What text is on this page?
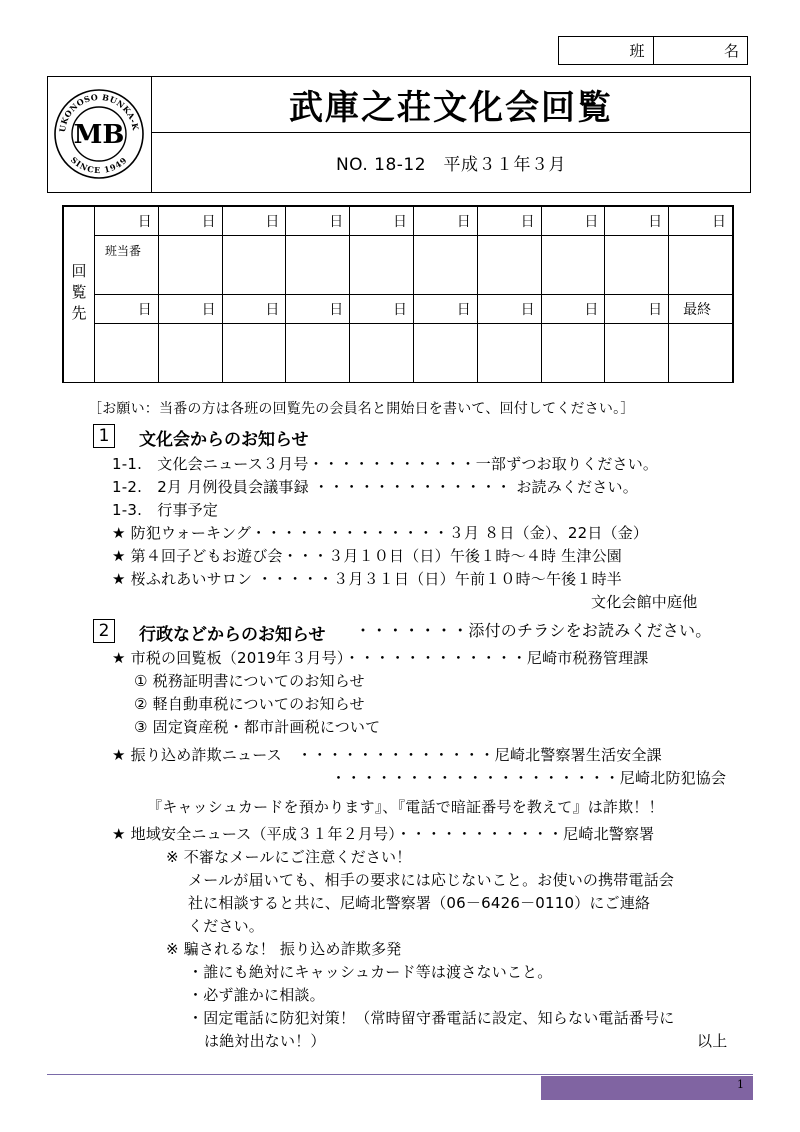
班	名
UKONOSO BUNKA-K
SINCE 1949
MB
武庫之荘文化会回覧
NO. 18-12　平成３１年３月
回覧先	日	日	日	日	日	日	日	日	日	日

	班当番									

	日	日	日	日	日	日	日	日	日	最終

［お願い：当番の方は各班の回覧先の会員名と開始日を書いて、回付してください。］
1	文化会からのお知らせ
1-1.　文化会ニュース３月号・・・・・・・・・・・一部ずつお取りください。
1-2.　2月 月例役員会議事録 ・・・・・・・・・・・・・ お読みください。
1-3.　行事予定
★ 防犯ウォーキング・・・・・・・・・・・・・３月 ８日（金）、22日（金）
★ 第４回子どもお遊び会・・・３月１０日（日）午後１時～４時 生津公園
★ 桜ふれあいサロン ・・・・・３月３１日（日）午前１０時～午後１時半
文化会館中庭他
2	行政などからのお知らせ ・・・・・・・添付のチラシをお読みください。
★ 市税の回覧板（2019年３月号）・・・・・・・・・・・・尼崎市税務管理課
① 税務証明書についてのお知らせ
② 軽自動車税についてのお知らせ
③ 固定資産税・都市計画税について
★ 振り込め詐欺ニュース　・・・・・・・・・・・・・尼崎北警察署生活安全課
・・・・・・・・・・・・・・・・・・・尼崎北防犯協会
『キャッシュカードを預かります』、『電話で暗証番号を教えて』は詐欺！！
★ 地域安全ニュース（平成３１年２月号）・・・・・・・・・・・尼崎北警察署
※ 不審なメールにご注意ください！
メールが届いても、相手の要求には応じないこと。お使いの携帯電話会
社に相談すると共に、尼崎北警察署（06－6426－0110）にご連絡
ください。
※ 騙されるな！ 振り込め詐欺多発
・誰にも絶対にキャッシュカード等は渡さないこと。
・必ず誰かに相談。
・固定電話に防犯対策！（常時留守番電話に設定、知らない電話番号に
は絶対出ない！）	以上
1
